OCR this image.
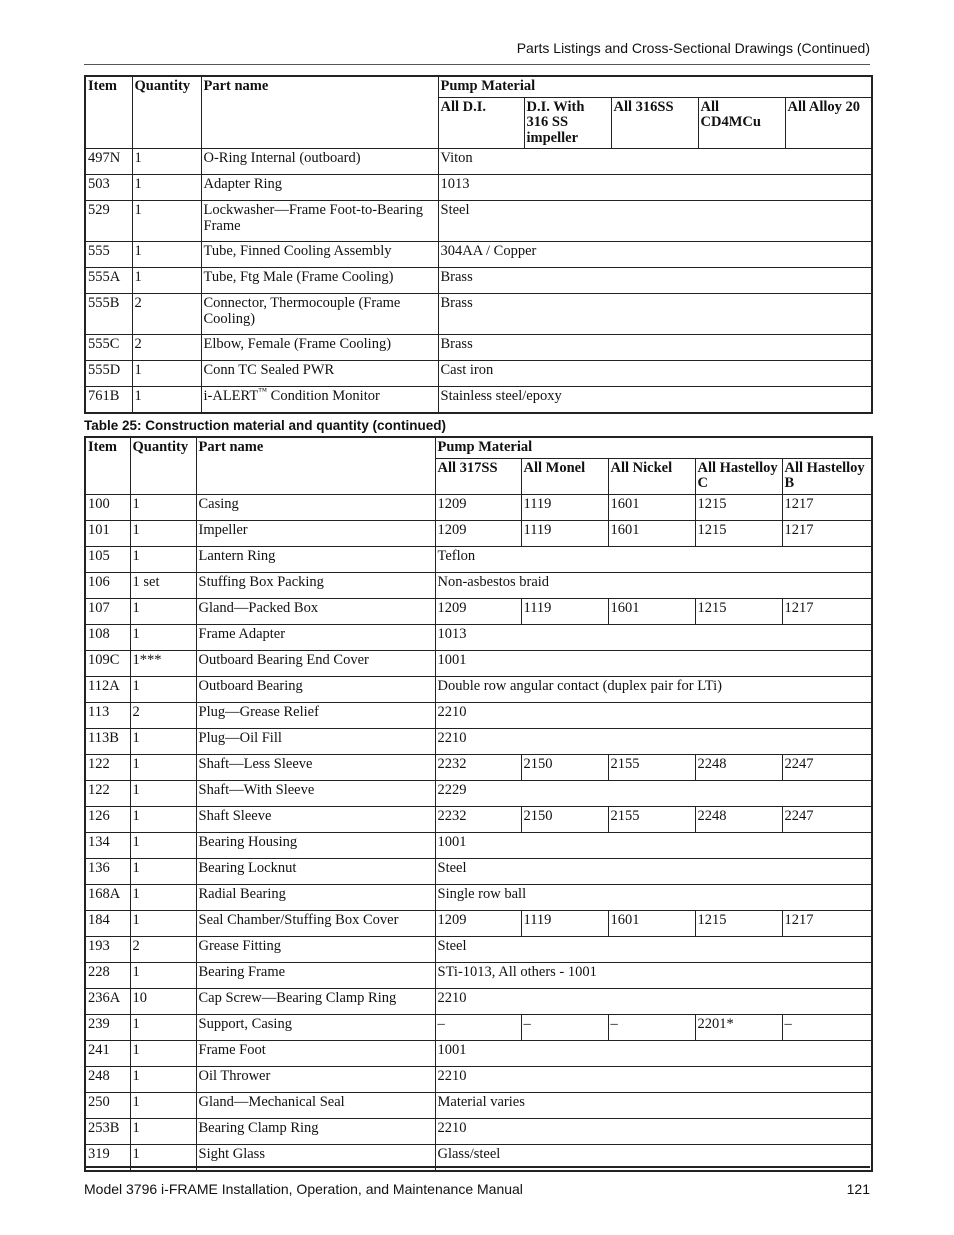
Parts Listings and Cross-Sectional Drawings (Continued)
Item	Quantity	Part name	Pump Material				
			All D.I.	D.I. With 316 SS impeller	All 316SS	All CD4MCu	All Alloy 20
497N	1	O-Ring Internal (outboard)	Viton				
503	1	Adapter Ring	1013				
529	1	Lockwasher—Frame Foot-to-Bearing Frame	Steel				
555	1	Tube, Finned Cooling Assembly	304AA / Copper				
555A	1	Tube, Ftg Male (Frame Cooling)	Brass				
555B	2	Connector, Thermocouple (Frame Cooling)	Brass				
555C	2	Elbow, Female (Frame Cooling)	Brass				
555D	1	Conn TC Sealed PWR	Cast iron				
761B	1	i-ALERT™ Condition Monitor	Stainless steel/epoxy				
Table 25: Construction material and quantity (continued)
Item	Quantity	Part name	Pump Material				
			All 317SS	All Monel	All Nickel	All Hastelloy C	All Hastelloy B
100	1	Casing	1209	1119	1601	1215	1217
101	1	Impeller	1209	1119	1601	1215	1217
105	1	Lantern Ring	Teflon				
106	1 set	Stuffing Box Packing	Non-asbestos braid				
107	1	Gland—Packed Box	1209	1119	1601	1215	1217
108	1	Frame Adapter	1013				
109C	1***	Outboard Bearing End Cover	1001				
112A	1	Outboard Bearing	Double row angular contact (duplex pair for LTi)				
113	2	Plug—Grease Relief	2210				
113B	1	Plug—Oil Fill	2210				
122	1	Shaft—Less Sleeve	2232	2150	2155	2248	2247
122	1	Shaft—With Sleeve	2229				
126	1	Shaft Sleeve	2232	2150	2155	2248	2247
134	1	Bearing Housing	1001				
136	1	Bearing Locknut	Steel				
168A	1	Radial Bearing	Single row ball				
184	1	Seal Chamber/Stuffing Box Cover	1209	1119	1601	1215	1217
193	2	Grease Fitting	Steel				
228	1	Bearing Frame	STi-1013, All others - 1001				
236A	10	Cap Screw—Bearing Clamp Ring	2210				
239	1	Support, Casing	–	–	–	2201*	–
241	1	Frame Foot	1001				
248	1	Oil Thrower	2210				
250	1	Gland—Mechanical Seal	Material varies				
253B	1	Bearing Clamp Ring	2210				
319	1	Sight Glass	Glass/steel				
Model 3796 i-FRAME Installation, Operation, and Maintenance Manual	121
